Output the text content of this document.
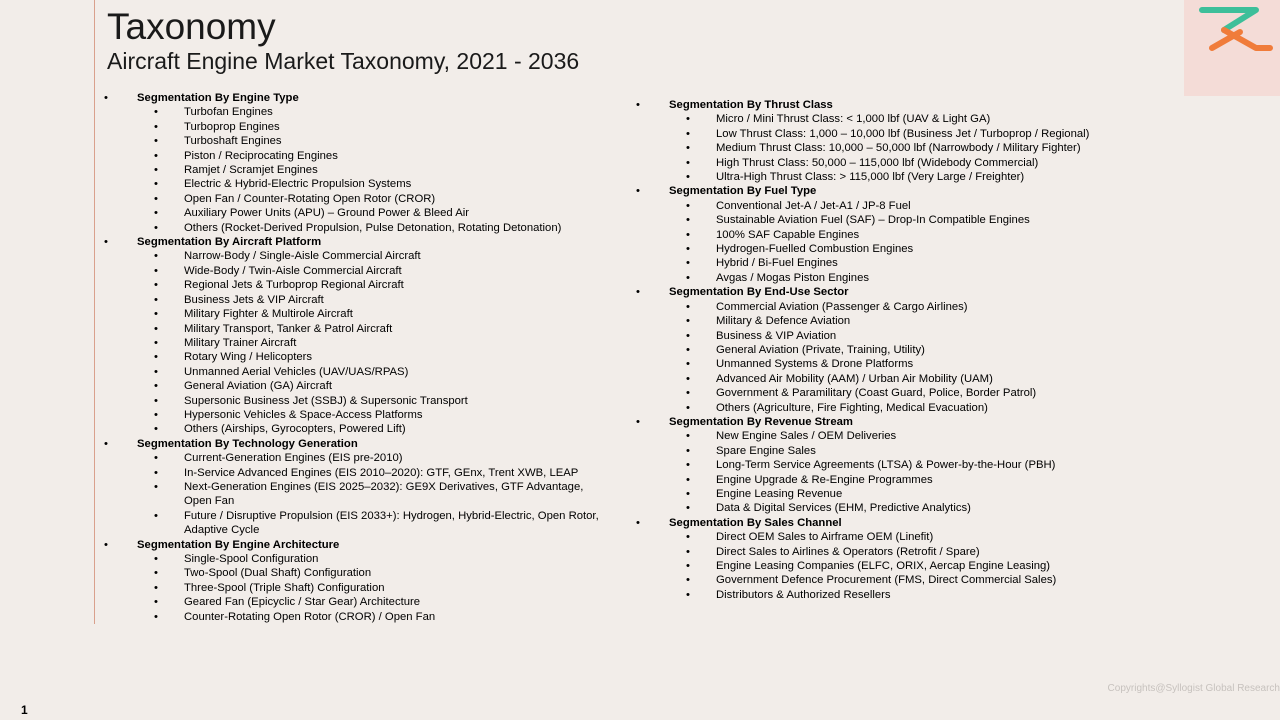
Taxonomy
Aircraft Engine Market Taxonomy, 2021 - 2036
•	Segmentation By Engine Type
• Turbofan Engines
• Turboprop Engines
• Turboshaft Engines
• Piston / Reciprocating Engines
• Ramjet / Scramjet Engines
• Electric & Hybrid-Electric Propulsion Systems
• Open Fan / Counter-Rotating Open Rotor (CROR)
• Auxiliary Power Units (APU) – Ground Power & Bleed Air
• Others (Rocket-Derived Propulsion, Pulse Detonation, Rotating Detonation)
•	Segmentation By Aircraft Platform
• Narrow-Body / Single-Aisle Commercial Aircraft
• Wide-Body / Twin-Aisle Commercial Aircraft
• Regional Jets & Turboprop Regional Aircraft
• Business Jets & VIP Aircraft
• Military Fighter & Multirole Aircraft
• Military Transport, Tanker & Patrol Aircraft
• Military Trainer Aircraft
• Rotary Wing / Helicopters
• Unmanned Aerial Vehicles (UAV/UAS/RPAS)
• General Aviation (GA) Aircraft
• Supersonic Business Jet (SSBJ) & Supersonic Transport
• Hypersonic Vehicles & Space-Access Platforms
• Others (Airships, Gyrocopters, Powered Lift)
•	Segmentation By Technology Generation
• Current-Generation Engines (EIS pre-2010)
• In-Service Advanced Engines (EIS 2010–2020): GTF, GEnx, Trent XWB, LEAP
• Next-Generation Engines (EIS 2025–2032): GE9X Derivatives, GTF Advantage, Open Fan
• Future / Disruptive Propulsion (EIS 2033+): Hydrogen, Hybrid-Electric, Open Rotor, Adaptive Cycle
•	Segmentation By Engine Architecture
• Single-Spool Configuration
• Two-Spool (Dual Shaft) Configuration
• Three-Spool (Triple Shaft) Configuration
• Geared Fan (Epicyclic / Star Gear) Architecture
• Counter-Rotating Open Rotor (CROR) / Open Fan
•	Segmentation By Thrust Class
• Micro / Mini Thrust Class: < 1,000 lbf (UAV & Light GA)
• Low Thrust Class: 1,000 – 10,000 lbf (Business Jet / Turboprop / Regional)
• Medium Thrust Class: 10,000 – 50,000 lbf (Narrowbody / Military Fighter)
• High Thrust Class: 50,000 – 115,000 lbf (Widebody Commercial)
• Ultra-High Thrust Class: > 115,000 lbf (Very Large / Freighter)
•	Segmentation By Fuel Type
• Conventional Jet-A / Jet-A1 / JP-8 Fuel
• Sustainable Aviation Fuel (SAF) – Drop-In Compatible Engines
• 100% SAF Capable Engines
• Hydrogen-Fuelled Combustion Engines
• Hybrid / Bi-Fuel Engines
• Avgas / Mogas Piston Engines
•	Segmentation By End-Use Sector
• Commercial Aviation (Passenger & Cargo Airlines)
• Military & Defence Aviation
• Business & VIP Aviation
• General Aviation (Private, Training, Utility)
• Unmanned Systems & Drone Platforms
• Advanced Air Mobility (AAM) / Urban Air Mobility (UAM)
• Government & Paramilitary (Coast Guard, Police, Border Patrol)
• Others (Agriculture, Fire Fighting, Medical Evacuation)
•	Segmentation By Revenue Stream
• New Engine Sales / OEM Deliveries
• Spare Engine Sales
• Long-Term Service Agreements (LTSA) & Power-by-the-Hour (PBH)
• Engine Upgrade & Re-Engine Programmes
• Engine Leasing Revenue
• Data & Digital Services (EHM, Predictive Analytics)
•	Segmentation By Sales Channel
• Direct OEM Sales to Airframe OEM (Linefit)
• Direct Sales to Airlines & Operators (Retrofit / Spare)
• Engine Leasing Companies (ELFC, ORIX, Aercap Engine Leasing)
• Government Defence Procurement (FMS, Direct Commercial Sales)
• Distributors & Authorized Resellers
Copyrights@Syllogist Global Research
1
